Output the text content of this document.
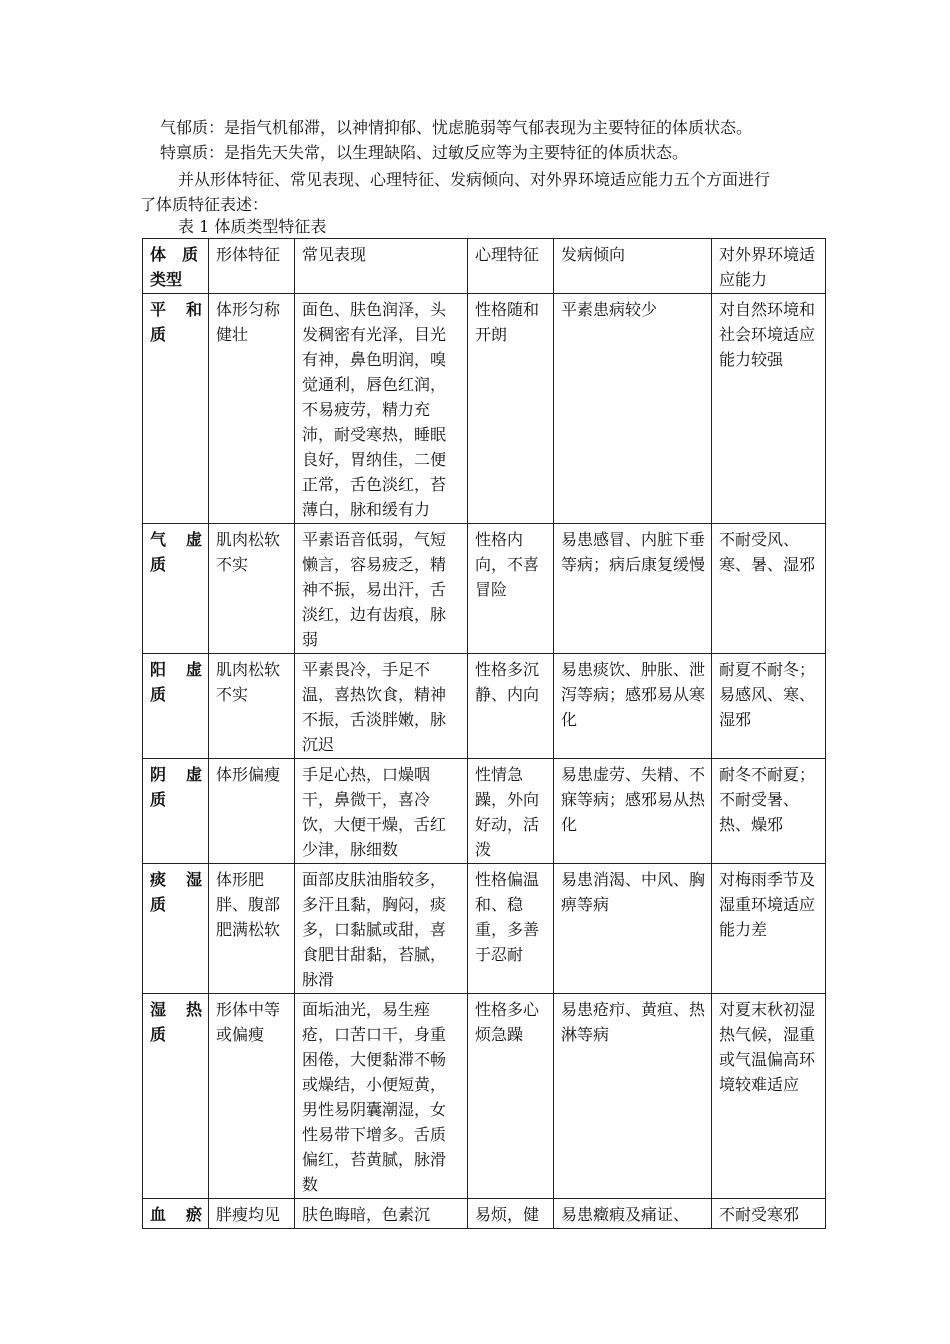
气郁质：是指气机郁滞，以神情抑郁、忧虑脆弱等气郁表现为主要特征的体质状态。
特禀质：是指先天失常，以生理缺陷、过敏反应等为主要特征的体质状态。
并从形体特征、常见表现、心理特征、发病倾向、对外界环境适应能力五个方面进行
了体质特征表述：
表 1 体质类型特征表
体　质
类型	形体特征	常见表现	心理特征	发病倾向	对外界环境适应能力

平 和
质	体形匀称健壮	面色、肤色润泽，头发稠密有光泽，目光有神，鼻色明润，嗅觉通利，唇色红润，不易疲劳，精力充沛，耐受寒热，睡眠良好，胃纳佳，二便正常，舌色淡红，苔薄白，脉和缓有力	性格随和开朗	平素患病较少	对自然环境和社会环境适应能力较强

气 虚
质	肌肉松软不实	平素语音低弱，气短懒言，容易疲乏，精神不振，易出汗，舌淡红，边有齿痕，脉弱	性格内向，不喜冒险	易患感冒、内脏下垂等病；病后康复缓慢	不耐受风、寒、暑、湿邪

阳 虚
质	肌肉松软不实	平素畏冷，手足不温，喜热饮食，精神不振，舌淡胖嫩，脉沉迟	性格多沉静、内向	易患痰饮、肿胀、泄泻等病；感邪易从寒化	耐夏不耐冬；易感风、寒、湿邪

阴 虚
质	体形偏瘦	手足心热，口燥咽干，鼻微干，喜冷饮，大便干燥，舌红少津，脉细数	性情急躁，外向好动，活泼	易患虚劳、失精、不寐等病；感邪易从热化	耐冬不耐夏；不耐受暑、热、燥邪

痰 湿
质	体形肥胖、腹部肥满松软	面部皮肤油脂较多，多汗且黏，胸闷，痰多，口黏腻或甜，喜食肥甘甜黏，苔腻，脉滑	性格偏温和、稳重，多善于忍耐	易患消渴、中风、胸痹等病	对梅雨季节及湿重环境适应能力差

湿 热
质	形体中等或偏瘦	面垢油光，易生痤疮，口苦口干，身重困倦，大便黏滞不畅或燥结，小便短黄，男性易阴囊潮湿，女性易带下增多。舌质偏红，苔黄腻，脉滑数	性格多心烦急躁	易患疮疖、黄疸、热淋等病	对夏末秋初湿热气候，湿重或气温偏高环境较难适应

血 瘀	胖瘦均见	肤色晦暗，色素沉	易烦，健	易患癥瘕及痛证、	不耐受寒邪
